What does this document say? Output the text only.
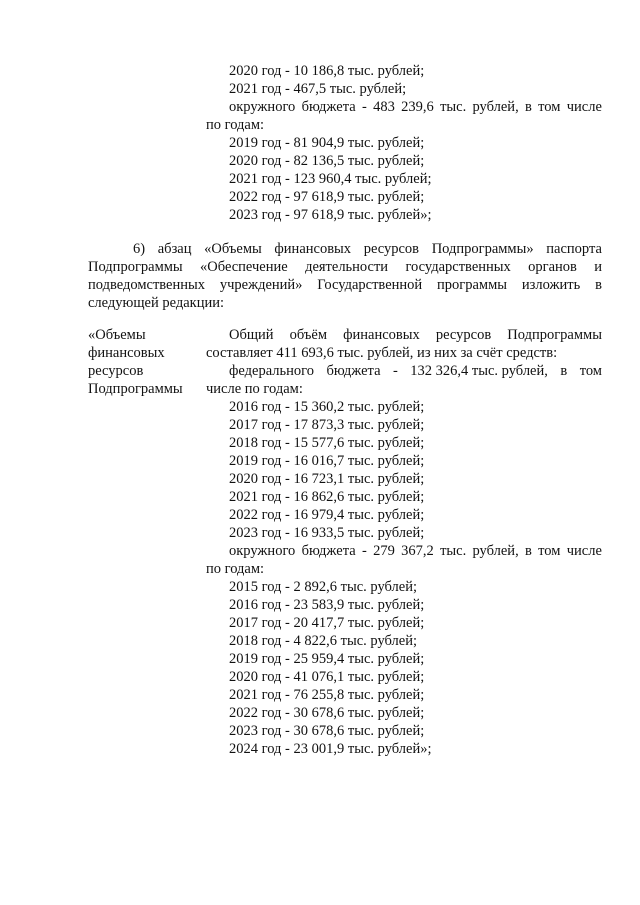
2020 год - 10 186,8 тыс. рублей;
2021 год - 467,5 тыс. рублей;
окружного бюджета - 483 239,6 тыс. рублей, в том числе
по годам:
2019 год - 81 904,9 тыс. рублей;
2020 год - 82 136,5 тыс. рублей;
2021 год - 123 960,4 тыс. рублей;
2022 год - 97 618,9 тыс. рублей;
2023 год - 97 618,9 тыс. рублей»;
6) абзац «Объемы финансовых ресурсов Подпрограммы» паспорта
Подпрограммы «Обеспечение деятельности государственных органов и
подведомственных учреждений» Государственной программы изложить в
следующей редакции:
«Объемы
финансовых
ресурсов
Подпрограммы
Общий объём финансовых ресурсов Подпрограммы
составляет 411 693,6 тыс. рублей, из них за счёт средств:
федерального бюджета - 132 326,4 тыс. рублей, в том
числе по годам:
2016 год - 15 360,2 тыс. рублей;
2017 год - 17 873,3 тыс. рублей;
2018 год - 15 577,6 тыс. рублей;
2019 год - 16 016,7 тыс. рублей;
2020 год - 16 723,1 тыс. рублей;
2021 год - 16 862,6 тыс. рублей;
2022 год - 16 979,4 тыс. рублей;
2023 год - 16 933,5 тыс. рублей;
окружного бюджета - 279 367,2 тыс. рублей, в том числе
по годам:
2015 год - 2 892,6 тыс. рублей;
2016 год - 23 583,9 тыс. рублей;
2017 год - 20 417,7 тыс. рублей;
2018 год - 4 822,6 тыс. рублей;
2019 год - 25 959,4 тыс. рублей;
2020 год - 41 076,1 тыс. рублей;
2021 год - 76 255,8 тыс. рублей;
2022 год - 30 678,6 тыс. рублей;
2023 год - 30 678,6 тыс. рублей;
2024 год - 23 001,9 тыс. рублей»;
